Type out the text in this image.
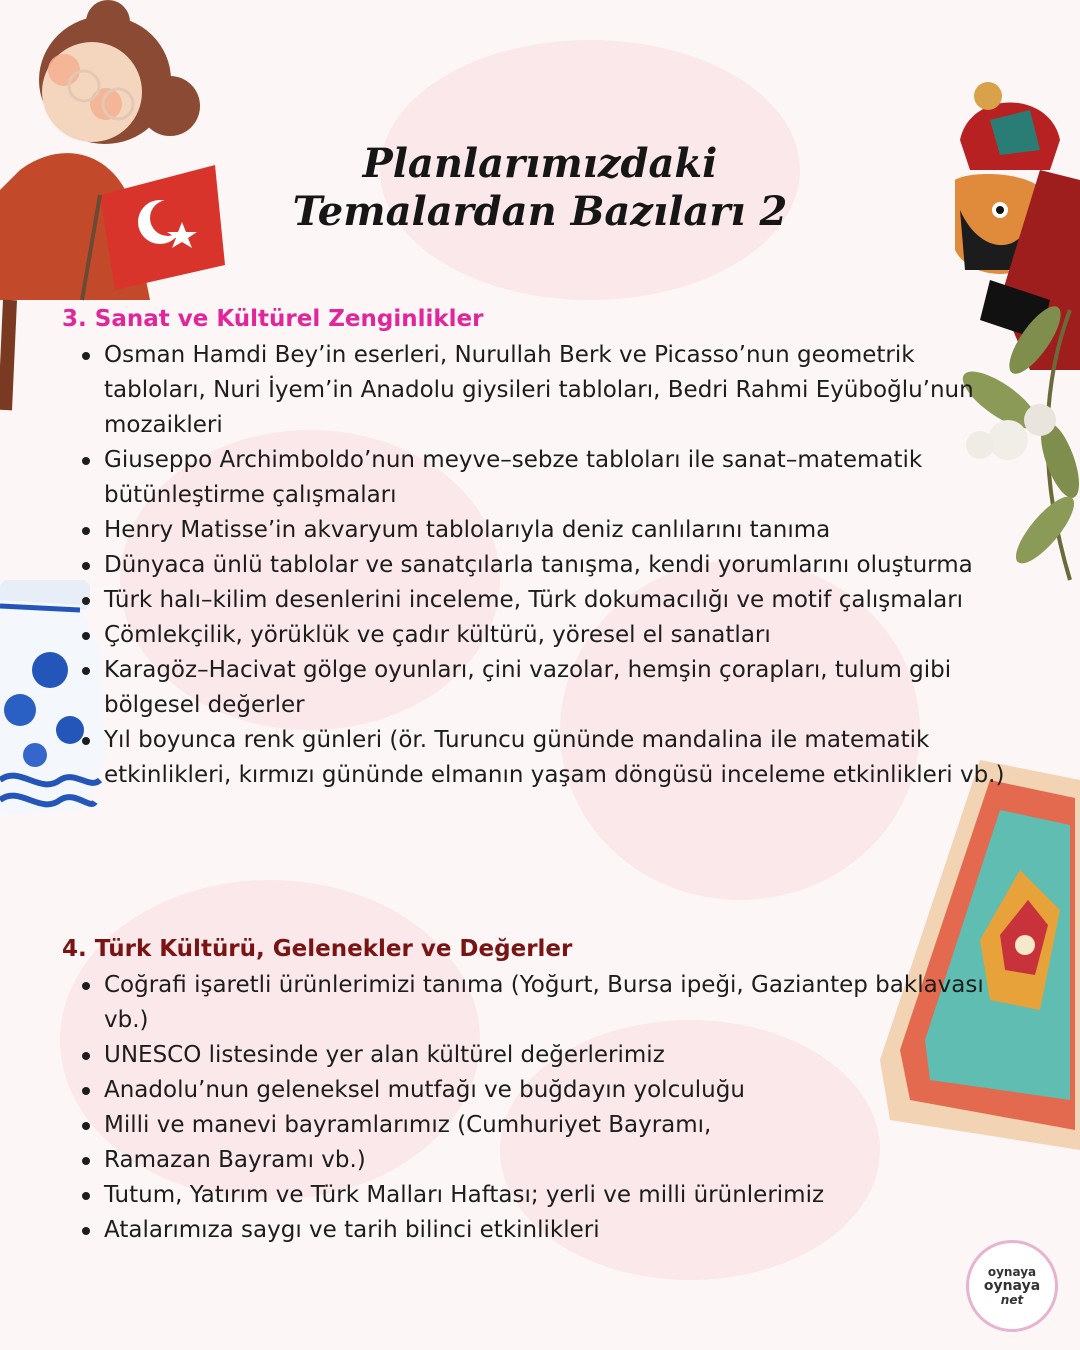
Planlarımızdaki
Temalardan Bazıları 2
3. Sanat ve Kültürel Zenginlikler
Osman Hamdi Bey’in eserleri, Nurullah Berk ve Picasso’nun geometrik tabloları, Nuri İyem’in Anadolu giysileri tabloları, Bedri Rahmi Eyüboğlu’nun mozaikleri
Giuseppo Archimboldo’nun meyve–sebze tabloları ile sanat–matematik bütünleştirme çalışmaları
Henry Matisse’in akvaryum tablolarıyla deniz canlılarını tanıma
Dünyaca ünlü tablolar ve sanatçılarla tanışma, kendi yorumlarını oluşturma
Türk halı–kilim desenlerini inceleme, Türk dokumacılığı ve motif çalışmaları
Çömlekçilik, yörüklük ve çadır kültürü, yöresel el sanatları
Karagöz–Hacivat gölge oyunları, çini vazolar, hemşin çorapları, tulum gibi bölgesel değerler
Yıl boyunca renk günleri (ör. Turuncu gününde mandalina ile matematik etkinlikleri, kırmızı gününde elmanın yaşam döngüsü inceleme etkinlikleri vb.)
4. Türk Kültürü, Gelenekler ve Değerler
Coğrafi işaretli ürünlerimizi tanıma (Yoğurt, Bursa ipeği, Gaziantep baklavası vb.)
UNESCO listesinde yer alan kültürel değerlerimiz
Anadolu’nun geleneksel mutfağı ve buğdayın yolculuğu
Milli ve manevi bayramlarımız (Cumhuriyet Bayramı,
Ramazan Bayramı vb.)
Tutum, Yatırım ve Türk Malları Haftası; yerli ve milli ürünlerimiz
Atalarımıza saygı ve tarih bilinci etkinlikleri
oynaya
oynaya
net
